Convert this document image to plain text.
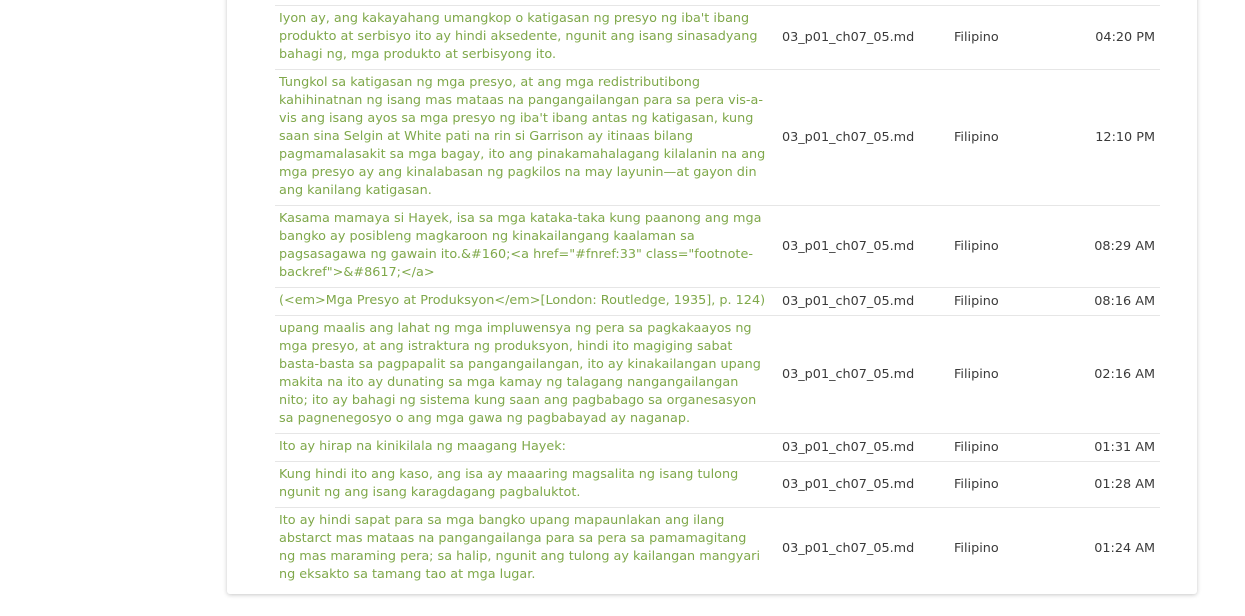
Iyon ay, ang kakayahang umangkop o katigasan ng presyo ng iba't ibang produkto at serbisyo ito ay hindi aksedente, ngunit ang isang sinasadyang bahagi ng, mga produkto at serbisyong ito.	03_p01_ch07_05.md	Filipino	04:20 PM
Tungkol sa katigasan ng mga presyo, at ang mga redistributibong kahihinatnan ng isang mas mataas na pangangailangan para sa pera vis-a-vis ang isang ayos sa mga presyo ng iba't ibang antas ng katigasan, kung saan sina Selgin at White pati na rin si Garrison ay itinaas bilang pagmamalasakit sa mga bagay, ito ang pinakamahalagang kilalanin na ang mga presyo ay ang kinalabasan ng pagkilos na may layunin—at gayon din ang kanilang katigasan.	03_p01_ch07_05.md	Filipino	12:10 PM
Kasama mamaya si Hayek, isa sa mga kataka-taka kung paanong ang mga bangko ay posibleng magkaroon ng kinakailangang kaalaman sa pagsasagawa ng gawain ito.&#160;<a href="#fnref:33" class="footnote-backref">&#8617;</a>	03_p01_ch07_05.md	Filipino	08:29 AM
(<em>Mga Presyo at Produksyon</em>[London: Routledge, 1935], p. 124)	03_p01_ch07_05.md	Filipino	08:16 AM
upang maalis ang lahat ng mga impluwensya ng pera sa pagkakaayos ng mga presyo, at ang istraktura ng produksyon, hindi ito magiging sabat basta-basta sa pagpapalit sa pangangailangan, ito ay kinakailangan upang makita na ito ay dunating sa mga kamay ng talagang nangangailangan nito; ito ay bahagi ng sistema kung saan ang pagbabago sa organesasyon sa pagnenegosyo o ang mga gawa ng pagbabayad ay naganap.	03_p01_ch07_05.md	Filipino	02:16 AM
Ito ay hirap na kinikilala ng maagang Hayek:	03_p01_ch07_05.md	Filipino	01:31 AM
Kung hindi ito ang kaso, ang isa ay maaaring magsalita ng isang tulong ngunit ng ang isang karagdagang pagbaluktot.	03_p01_ch07_05.md	Filipino	01:28 AM
Ito ay hindi sapat para sa mga bangko upang mapaunlakan ang ilang abstarct mas mataas na pangangailanga para sa pera sa pamamagitang ng mas maraming pera; sa halip, ngunit ang tulong ay kailangan mangyari ng eksakto sa tamang tao at mga lugar.	03_p01_ch07_05.md	Filipino	01:24 AM
